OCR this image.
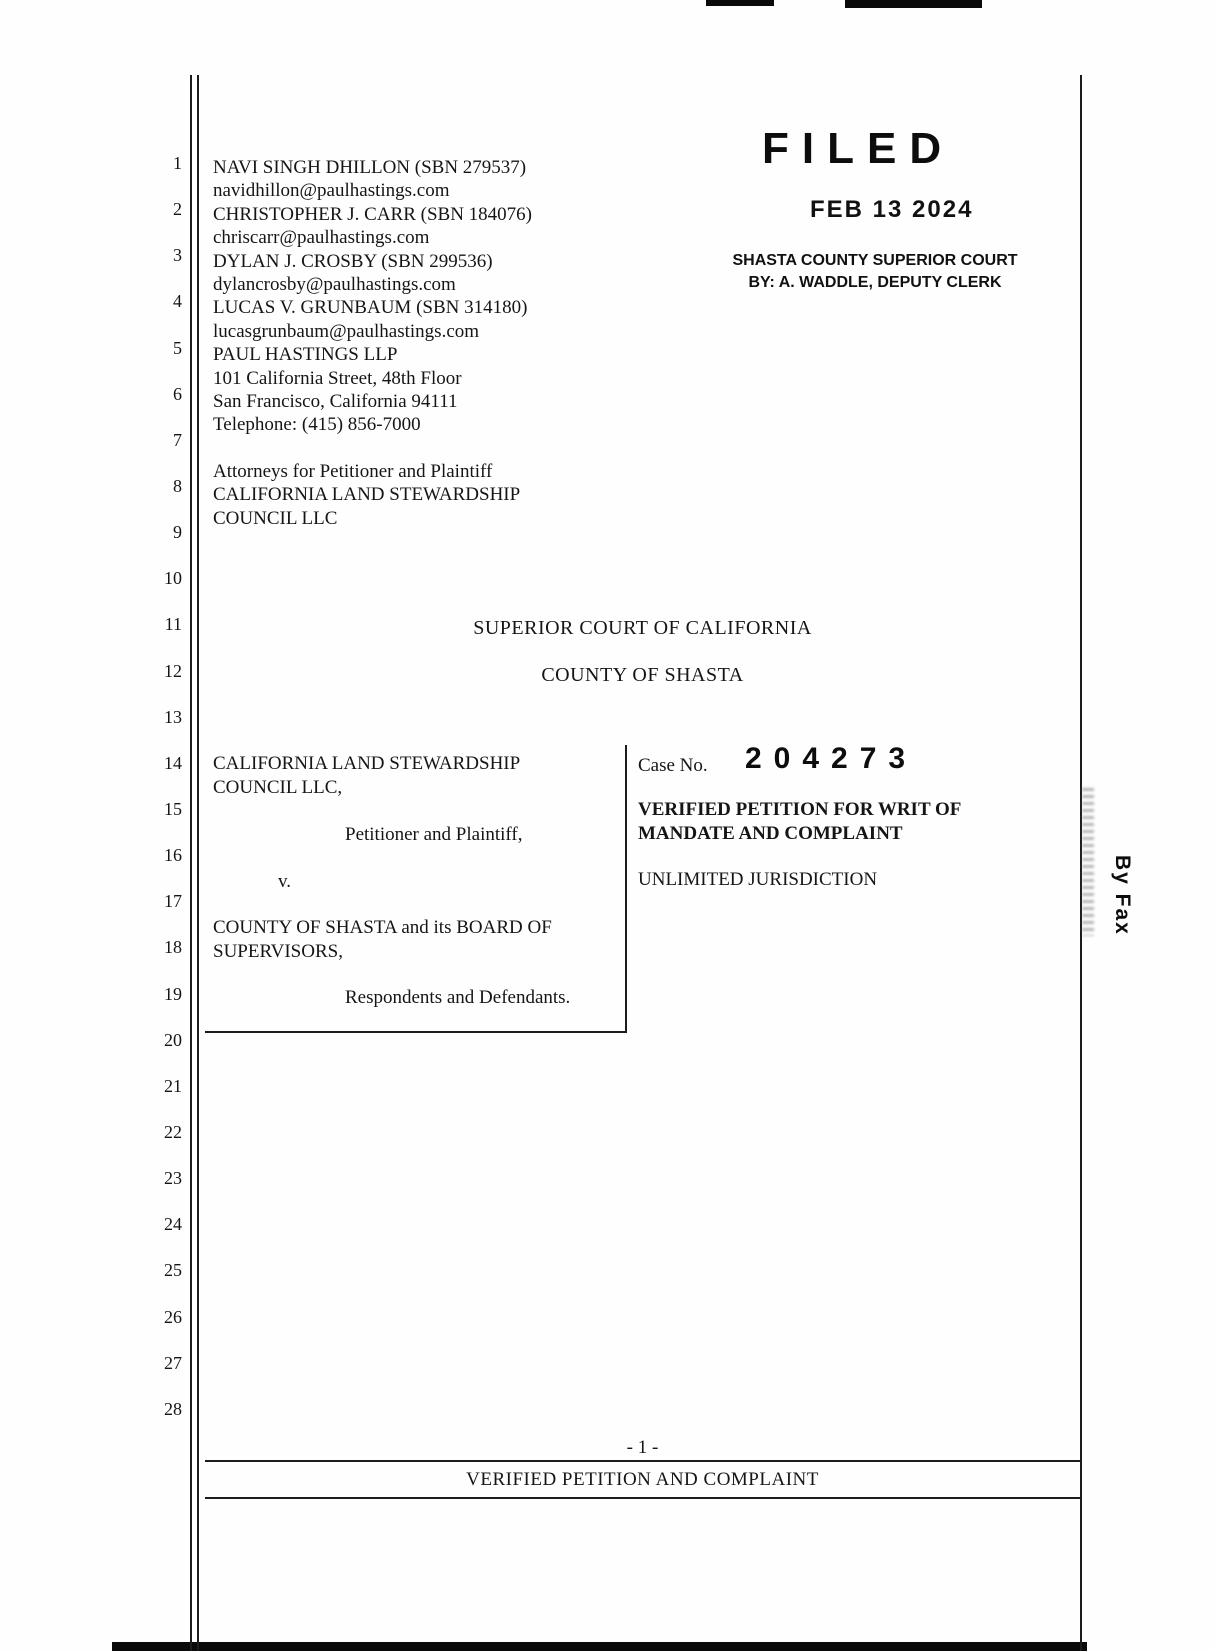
1
2
3
4
5
6
7
8
9
10
11
12
13
14
15
16
17
18
19
20
21
22
23
24
25
26
27
28
NAVI SINGH DHILLON (SBN 279537)
navidhillon@paulhastings.com
CHRISTOPHER J. CARR (SBN 184076)
chriscarr@paulhastings.com
DYLAN J. CROSBY (SBN 299536)
dylancrosby@paulhastings.com
LUCAS V. GRUNBAUM (SBN 314180)
lucasgrunbaum@paulhastings.com
PAUL HASTINGS LLP
101 California Street, 48th Floor
San Francisco, California 94111
Telephone: (415) 856-7000
Attorneys for Petitioner and Plaintiff
CALIFORNIA LAND STEWARDSHIP
COUNCIL LLC
FILED
FEB 13 2024
SHASTA COUNTY SUPERIOR COURT
BY: A. WADDLE, DEPUTY CLERK
SUPERIOR COURT OF CALIFORNIA
COUNTY OF SHASTA
CALIFORNIA LAND STEWARDSHIP
COUNCIL LLC,
Petitioner and Plaintiff,
v.
COUNTY OF SHASTA and its BOARD OF
SUPERVISORS,
Respondents and Defendants.
Case No. 204273
VERIFIED PETITION FOR WRIT OF
MANDATE AND COMPLAINT
UNLIMITED JURISDICTION	By Fax
- 1 -
VERIFIED PETITION AND COMPLAINT
